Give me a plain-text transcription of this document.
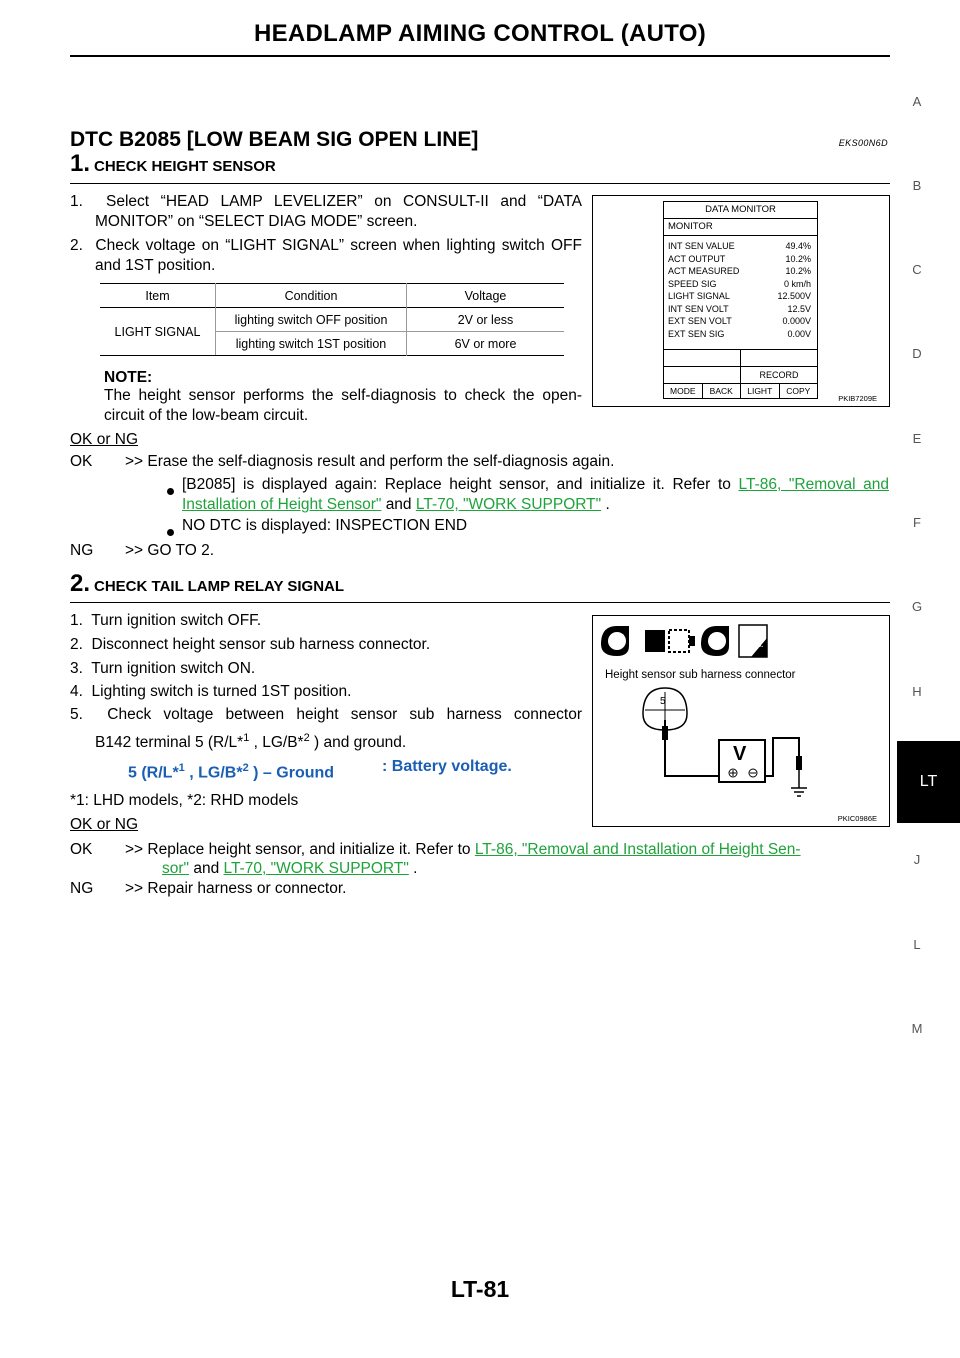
HEADLAMP AIMING CONTROL (AUTO)
A
B
C
D
E
F
G
H
J
LT
L
M
DTC B2085 [LOW BEAM SIG OPEN LINE]	EKS00N6D
1. CHECK HEIGHT SENSOR
1.  Select “HEAD LAMP LEVELIZER” on CONSULT-II and “DATA MONITOR” on “SELECT DIAG MODE” screen.
2.  Check voltage on “LIGHT SIGNAL” screen when lighting switch OFF and 1ST position.
Item	Condition	Voltage
LIGHT SIGNAL	lighting switch OFF position	2V or less
	lighting switch 1ST position	6V or more
NOTE:
The height sensor performs the self-diagnosis to check the open-circuit of the low-beam circuit.
DATA MONITOR
MONITOR
INT SEN VALUE	49.4%
ACT OUTPUT	10.2%
ACT MEASURED	10.2%
SPEED SIG	0 km/h
LIGHT SIGNAL	12.500V
INT SEN VOLT	12.5V
EXT SEN VOLT	0.000V
EXT SEN SIG	0.00V
RECORD
MODE	BACK	LIGHT	COPY
PKIB7209E
OK or NG
OK >> Erase the self-diagnosis result and perform the self-diagnosis again.
[B2085] is displayed again: Replace height sensor, and initialize it. Refer to LT-86, "Removal and Installation of Height Sensor" and LT-70, "WORK SUPPORT" .
NO DTC is displayed: INSPECTION END
NG >> GO TO 2.
2. CHECK TAIL LAMP RELAY SIGNAL
1.  Turn ignition switch OFF.
2.  Disconnect height sensor sub harness connector.
3.  Turn ignition switch ON.
4.  Lighting switch is turned 1ST position.
5.  Check voltage between height sensor sub harness connector
B142 terminal 5 (R/L*$^1$ , LG/B*$^2$ ) and ground.
5 (R/L*$^1$ , LG/B*$^2$ ) – Ground	: Battery voltage.
*1: LHD models, *2: RHD models
OFF	ON
T.S.
Height sensor sub harness connector
5
V
PKIC0986E
OK or NG
OK >> Replace height sensor, and initialize it. Refer to LT-86, "Removal and Installation of Height Sen-
sor" and LT-70, "WORK SUPPORT" .
NG >> Repair harness or connector.
LT-81
